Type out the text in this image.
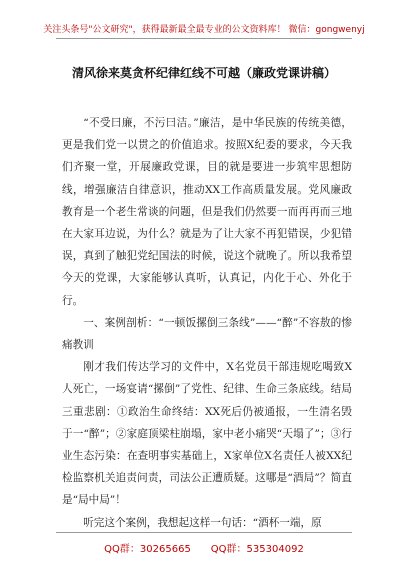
关注头条号"公文研究"，获得最新最全最专业的公文资料库！ 微信：gongwenyj
清风徐来莫贪杯纪律红线不可越（廉政党课讲稿）

“不受曰廉，不污曰洁。”廉洁，是中华民族的传统美德，更是我们党一以贯之的价值追求。按照X纪委的要求，今天我们齐聚一堂，开展廉政党课，目的就是要进一步筑牢思想防线，增强廉洁自律意识，推动XX工作高质量发展。党风廉政教育是一个老生常谈的问题，但是我们仍然要一而再再而三地在大家耳边说，为什么？就是为了让大家不再犯错误，少犯错误，真到了触犯党纪国法的时候，说这个就晚了。所以我希望今天的党课，大家能够认真听，认真记，内化于心、外化于行。

一、案例剖析：“一顿饭摞倒三条线”——“醉”不容敖的惨痛教训

刚才我们传达学习的文件中，X名党员干部违规吃喝致X人死亡，一场宴请“摞倒”了党性、纪律、生命三条底线。结局三重悲剧：①政治生命终结：XX死后仍被通报，一生清名毁于一“醉”；②家庭顶梁柱崩塌，家中老小痛哭“天塌了”；③行业生态污染：在查明事实基础上，X家单位X名责任人被XX纪检监察机关追责问责，司法公正遭质疑。这哪是“酒局”？简直是“局中局”！

听完这个案例，我想起这样一句话：“酒杯一端，原

QQ群：30265665　　QQ群：535304092
